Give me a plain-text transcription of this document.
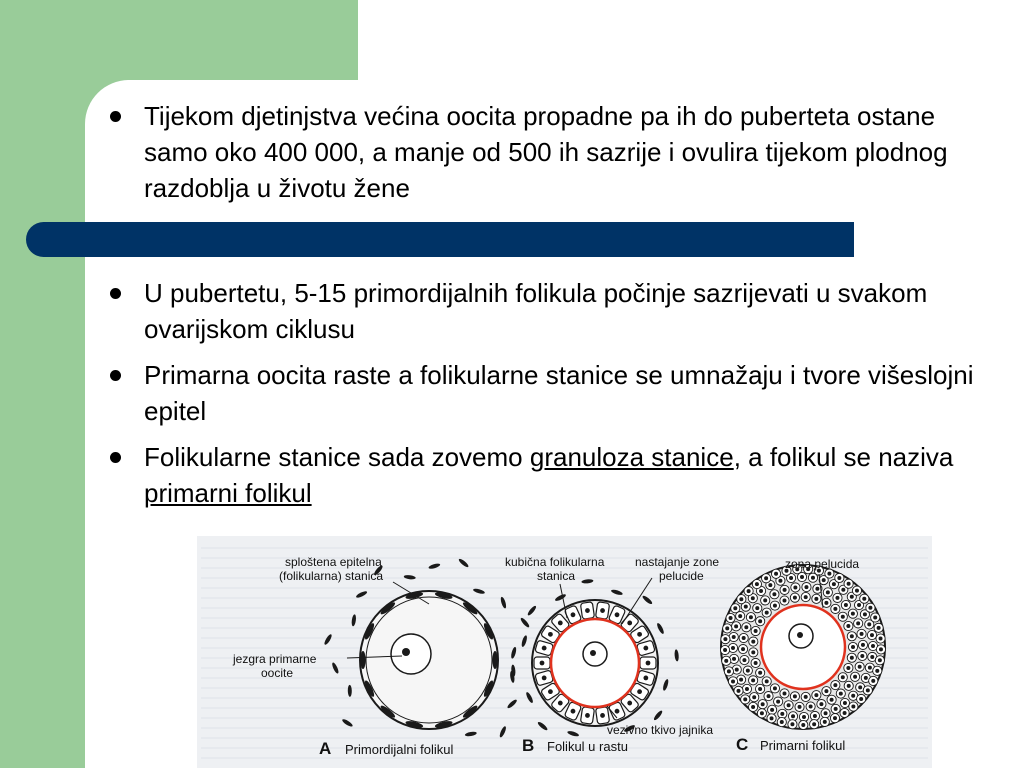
Tijekom djetinjstva većina oocita propadne pa ih do puberteta ostane samo oko 400 000, a manje od 500 ih sazrije i ovulira tijekom plodnog razdoblja u životu žene
U pubertetu, 5-15 primordijalnih folikula počinje sazrijevati u svakom ovarijskom ciklusu
Primarna oocita raste a folikularne stanice se umnažaju i tvore višeslojni epitel
Folikularne stanice sada zovemo granuloza stanice, a folikul se naziva primarni folikul
sploštena epitelna
(folikularna) stanica
jezgra primarne
oocite
kubična folikularna
stanica
nastajanje zone
pelucide
zona pelucida
vezivno tkivo jajnika
A Primordijalni folikul	B Folikul u rastu	C Primarni folikul
